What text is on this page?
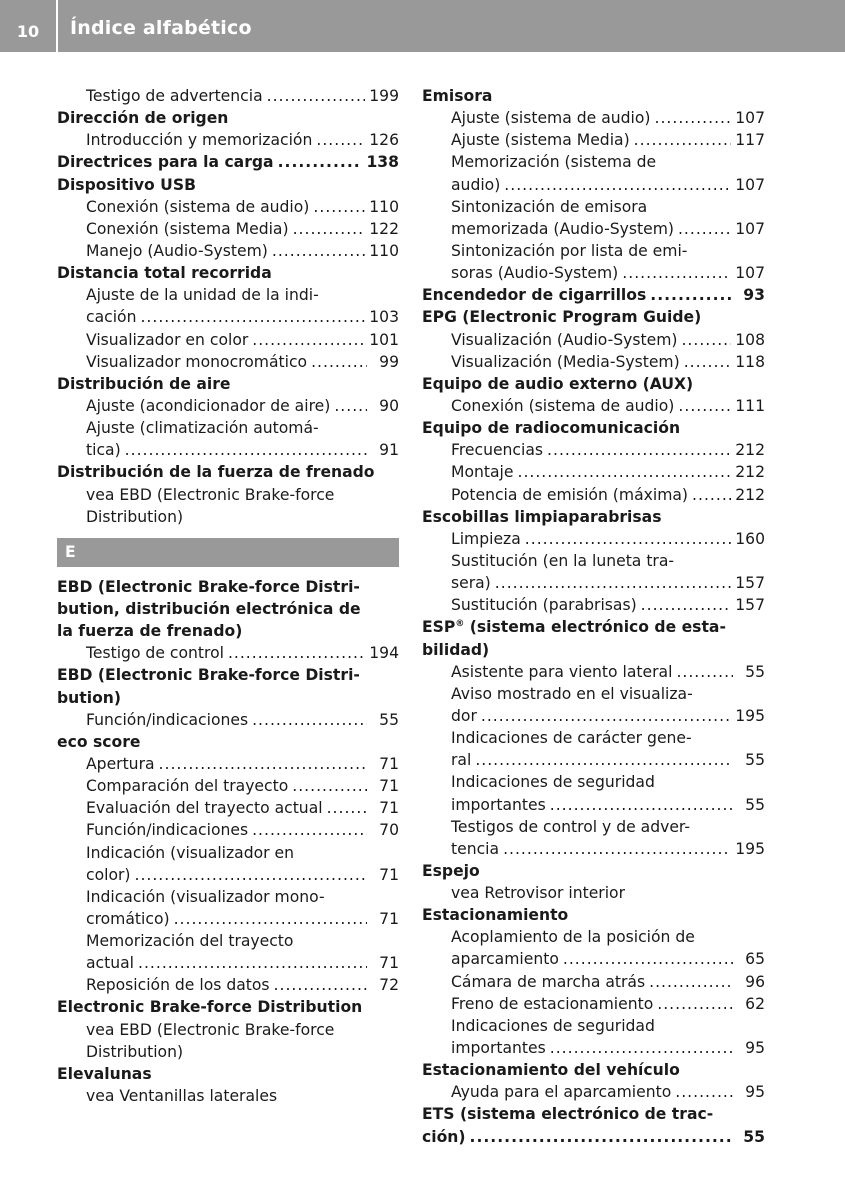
10	Índice alfabético
Testigo de advertencia .....	199
Dirección de origen
Introducción y memorización .....	126
Directrices para la carga .....	138
Dispositivo USB
Conexión (sistema de audio) .....	110
Conexión (sistema Media) .....	122
Manejo (Audio-System) .....	110
Distancia total recorrida
Ajuste de la unidad de la indi-
cación .....	103
Visualizador en color .....	101
Visualizador monocromático .....	99
Distribución de aire
Ajuste (acondicionador de aire) .....	90
Ajuste (climatización automá-
tica) .....	91
Distribución de la fuerza de frenado
vea EBD (Electronic Brake-force
Distribution)
E
EBD (Electronic Brake-force Distri-
bution, distribución electrónica de
la fuerza de frenado)
Testigo de control .....	194
EBD (Electronic Brake-force Distri-
bution)
Función/indicaciones .....	55
eco score
Apertura .....	71
Comparación del trayecto .....	71
Evaluación del trayecto actual .....	71
Función/indicaciones .....	70
Indicación (visualizador en
color) .....	71
Indicación (visualizador mono-
cromático) .....	71
Memorización del trayecto
actual .....	71
Reposición de los datos .....	72
Electronic Brake-force Distribution
vea EBD (Electronic Brake-force
Distribution)
Elevalunas
vea Ventanillas laterales
Emisora
Ajuste (sistema de audio) .....	107
Ajuste (sistema Media) .....	117
Memorización (sistema de
audio) .....	107
Sintonización de emisora
memorizada (Audio-System) .....	107
Sintonización por lista de emi-
soras (Audio-System) .....	107
Encendedor de cigarrillos .....	93
EPG (Electronic Program Guide)
Visualización (Audio-System) .....	108
Visualización (Media-System) .....	118
Equipo de audio externo (AUX)
Conexión (sistema de audio) .....	111
Equipo de radiocomunicación
Frecuencias .....	212
Montaje .....	212
Potencia de emisión (máxima) .....	212
Escobillas limpiaparabrisas
Limpieza .....	160
Sustitución (en la luneta tra-
sera) .....	157
Sustitución (parabrisas) .....	157
ESP® (sistema electrónico de esta-
bilidad)
Asistente para viento lateral .....	55
Aviso mostrado en el visualiza-
dor .....	195
Indicaciones de carácter gene-
ral .....	55
Indicaciones de seguridad
importantes .....	55
Testigos de control y de adver-
tencia .....	195
Espejo
vea Retrovisor interior
Estacionamiento
Acoplamiento de la posición de
aparcamiento .....	65
Cámara de marcha atrás .....	96
Freno de estacionamiento .....	62
Indicaciones de seguridad
importantes .....	95
Estacionamiento del vehículo
Ayuda para el aparcamiento .....	95
ETS (sistema electrónico de trac-
ción) .....	55
